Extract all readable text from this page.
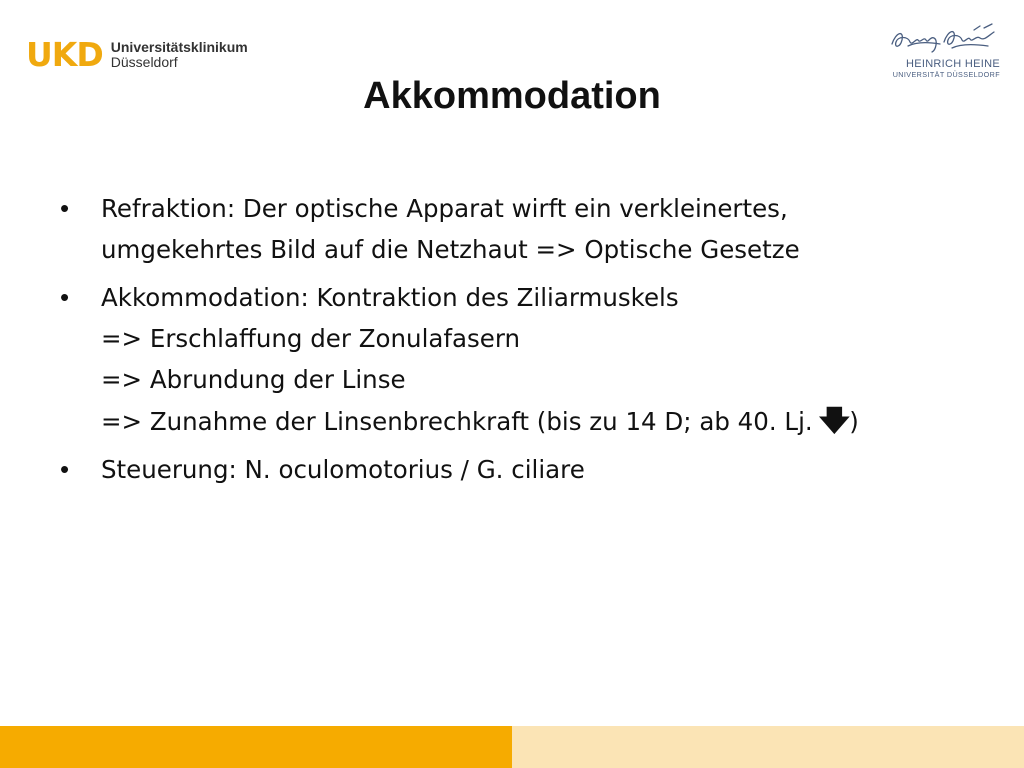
UKD Universitätsklinikum
Düsseldorf	HEINRICH HEINE
UNIVERSITÄT DÜSSELDORF
Akkommodation
• Refraktion: Der optische Apparat wirft ein verkleinertes,
umgekehrtes Bild auf die Netzhaut => Optische Gesetze
• Akkommodation: Kontraktion des Ziliarmuskels
=> Erschlaffung der Zonulafasern
=> Abrundung der Linse
=> Zunahme der Linsenbrechkraft (bis zu 14 D; ab 40. Lj. 🡇)
• Steuerung: N. oculomotorius / G. ciliare
